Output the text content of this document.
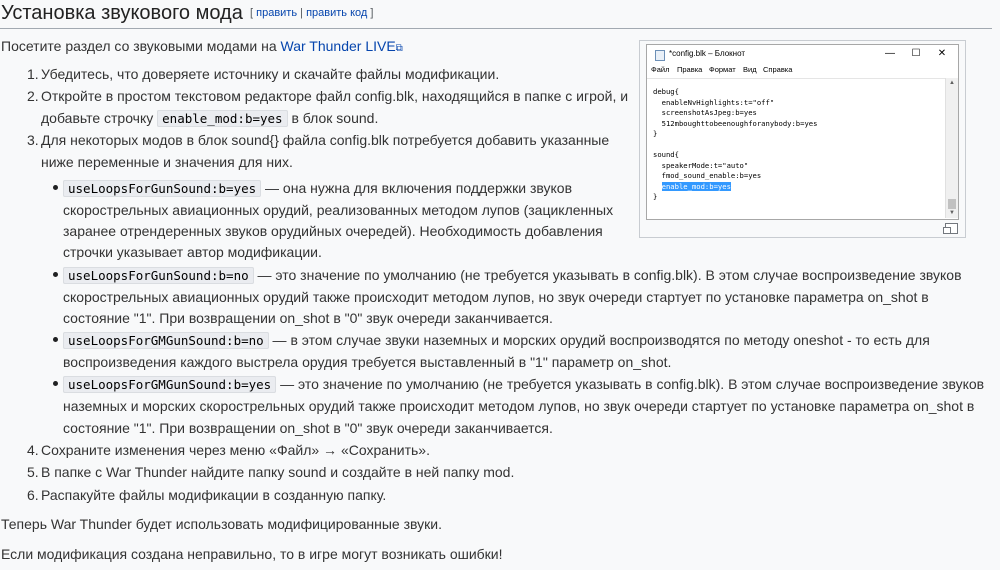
Установка звукового мода [ править | править код ]
Посетите раздел со звуковыми модами на War Thunder LIVE⧉
1. Убедитесь, что доверяете источнику и скачайте файлы модификации.
2. Откройте в простом текстовом редакторе файл config.blk, находящийся в папке с игрой, и
добавьте строчку enable_mod:b=yes в блок sound.
3. Для некоторых модов в блок sound{} файла config.blk потребуется добавить указанные
ниже переменные и значения для них.
useLoopsForGunSound:b=yes — она нужна для включения поддержки звуков
скорострельных авиационных орудий, реализованных методом лупов (зацикленных
заранее отрендеренных звуков орудийных очередей). Необходимость добавления
строчки указывает автор модификации.
useLoopsForGunSound:b=no — это значение по умолчанию (не требуется указывать в config.blk). В этом случае воспроизведение звуков
скорострельных авиационных орудий также происходит методом лупов, но звук очереди стартует по установке параметра on_shot в
состояние "1". При возвращении on_shot в "0" звук очереди заканчивается.
useLoopsForGMGunSound:b=no — в этом случае звуки наземных и морских орудий воспроизводятся по методу oneshot - то есть для
воспроизведения каждого выстрела орудия требуется выставленный в "1" параметр on_shot.
useLoopsForGMGunSound:b=yes — это значение по умолчанию (не требуется указывать в config.blk). В этом случае воспроизведение звуков
наземных и морских скорострельных орудий также происходит методом лупов, но звук очереди стартует по установке параметра on_shot в
состояние "1". При возвращении on_shot в "0" звук очереди заканчивается.
4. Сохраните изменения через меню «Файл» → «Сохранить».
5. В папке с War Thunder найдите папку sound и создайте в ней папку mod.
6. Распакуйте файлы модификации в созданную папку.
Теперь War Thunder будет использовать модифицированные звуки.
Если модификация создана неправильно, то в игре могут возникать ошибки!
*config.blk – Блокнот	—	☐	✕
Файл Правка Формат Вид Справка
debug{
enableNvHighlights:t="off"
screenshotAsJpeg:b=yes
512mboughttobeenoughforanybody:b=yes
}
sound{
speakerMode:t="auto"
fmod_sound_enable:b=yes
enable_mod:b=yes
}
▲
▼
